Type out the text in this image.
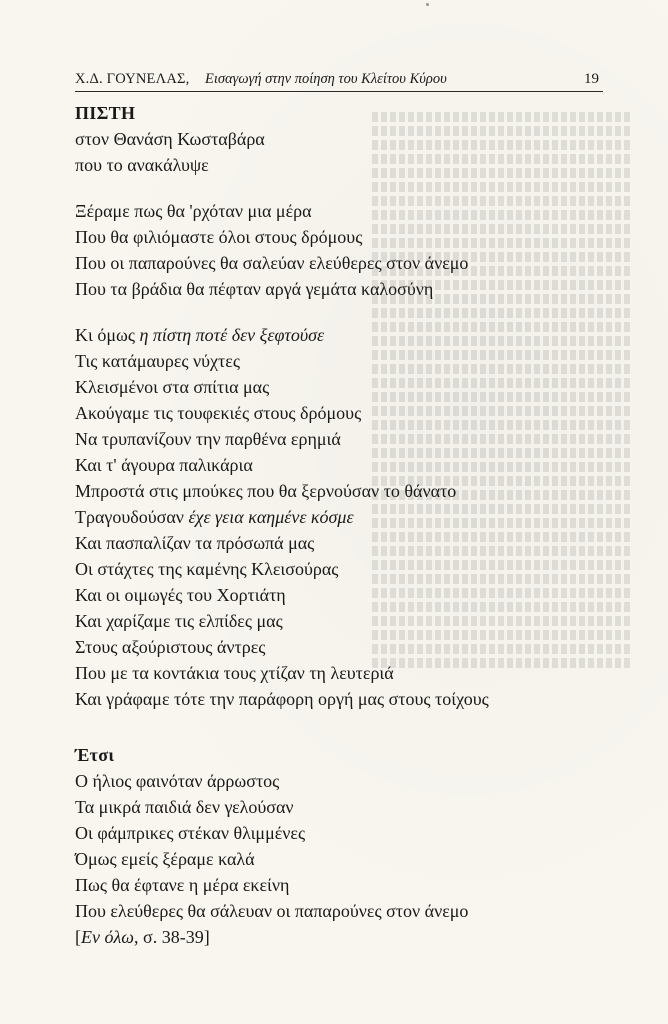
Χ.Δ. ΓΟΥΝΕΛΑΣ, Εισαγωγή στην ποίηση του Κλείτου Κύρου	19
ΠΙΣΤΗ
στον Θανάση Κωσταβάρα
που το ανακάλυψε
Ξέραμε πως θα 'ρχόταν μια μέρα
Που θα φιλιόμαστε όλοι στους δρόμους
Που οι παπαρούνες θα σαλεύαν ελεύθερες στον άνεμο
Που τα βράδια θα πέφταν αργά γεμάτα καλοσύνη
Κι όμως η πίστη ποτέ δεν ξεφτούσε
Τις κατάμαυρες νύχτες
Κλεισμένοι στα σπίτια μας
Ακούγαμε τις τουφεκιές στους δρόμους
Να τρυπανίζουν την παρθένα ερημιά
Και τ' άγουρα παλικάρια
Μπροστά στις μπούκες που θα ξερνούσαν το θάνατο
Τραγουδούσαν έχε γεια καημένε κόσμε
Και πασπαλίζαν τα πρόσωπά μας
Οι στάχτες της καμένης Κλεισούρας
Και οι οιμωγές του Χορτιάτη
Και χαρίζαμε τις ελπίδες μας
Στους αξούριστους άντρες
Που με τα κοντάκια τους χτίζαν τη λευτεριά
Και γράφαμε τότε την παράφορη οργή μας στους τοίχους
Έτσι
Ο ήλιος φαινόταν άρρωστος
Τα μικρά παιδιά δεν γελούσαν
Οι φάμπρικες στέκαν θλιμμένες
Όμως εμείς ξέραμε καλά
Πως θα έφτανε η μέρα εκείνη
Που ελεύθερες θα σάλευαν οι παπαρούνες στον άνεμο
[Εν όλω, σ. 38-39]
